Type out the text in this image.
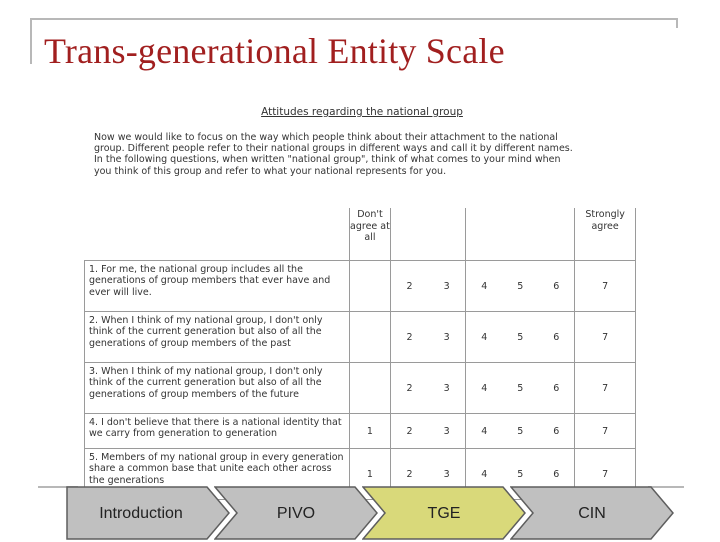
Trans-generational Entity Scale
Attitudes regarding the national group
Now we would like to focus on the way which people think about their attachment to the national group. Different people refer to their national groups in different ways and call it by different names. In the following questions, when written "national group", think of what comes to your mind when you think of this group and refer to what your national represents for you.

	Don't agree at all			Strongly agree

1. For me, the national group includes all the generations of group members that ever have and ever will live.		2 3	4 5 6	7
2. When I think of my national group, I don't only think of the current generation but also of all the generations of group members of the past		2 3	4 5 6	7
3. When I think of my national group, I don't only think of the current generation but also of all the generations of group members of the future		2 3	4 5 6	7
4. I don't believe that there is a national identity that we carry from generation to generation	1	2 3	4 5 6	7
5. Members of my national group in every generation share a common base that unite each other across the generations	1	2 3	4 5 6	7
Introduction	PIVO	TGE	CIN
